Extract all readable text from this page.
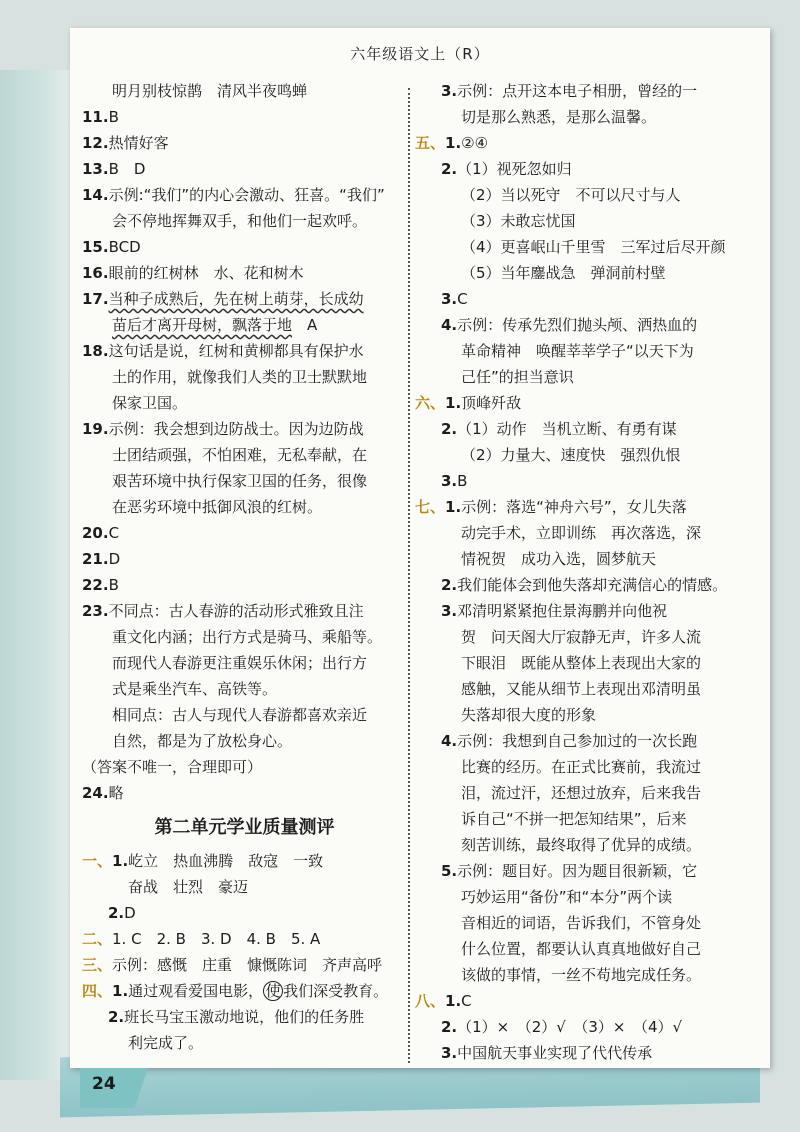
六年级语文上（R）
明月别枝惊鹊　清风半夜鸣蝉
11.B
12.热情好客
13.B　D
14.示例:“我们”的内心会激动、狂喜。“我们”
会不停地挥舞双手，和他们一起欢呼。
15.BCD
16.眼前的红树林　水、花和树木
17.当种子成熟后，先在树上萌芽，长成幼
苗后才离开母树，飘落于地　A
18.这句话是说，红树和黄柳都具有保护水
土的作用，就像我们人类的卫士默默地
保家卫国。
19.示例：我会想到边防战士。因为边防战
士团结顽强，不怕困难，无私奉献，在
艰苦环境中执行保家卫国的任务，很像
在恶劣环境中抵御风浪的红树。
20.C
21.D
22.B
23.不同点：古人春游的活动形式雅致且注
重文化内涵；出行方式是骑马、乘船等。
而现代人春游更注重娱乐休闲；出行方
式是乘坐汽车、高铁等。
相同点：古人与现代人春游都喜欢亲近
自然，都是为了放松身心。
（答案不唯一，合理即可）
24.略
第二单元学业质量测评
一、1.屹立　热血沸腾　敌寇　一致
奋战　壮烈　豪迈
2.D
二、1. C　2. B　3. D　4. B　5. A
三、示例：感慨　庄重　慷慨陈词　齐声高呼
四、1.通过观看爱国电影， 使 我们深受教育。
2.班长马宝玉激动地说，他们的任务胜
利完成了。
3.示例：点开这本电子相册，曾经的一
切是那么熟悉，是那么温馨。
五、1.②④
2.（1）视死忽如归
（2）当以死守　不可以尺寸与人
（3）未敢忘忧国
（4）更喜岷山千里雪　三军过后尽开颜
（5）当年鏖战急　弹洞前村壁
3.C
4.示例：传承先烈们抛头颅、洒热血的
革命精神　唤醒莘莘学子“以天下为
己任”的担当意识
六、1.顶峰歼敌
2.（1）动作　当机立断、有勇有谋
（2）力量大、速度快　强烈仇恨
3.B
七、1.示例：落选“神舟六号”，女儿失落
动完手术，立即训练　再次落选，深
情祝贺　成功入选，圆梦航天
2.我们能体会到他失落却充满信心的情感。
3.邓清明紧紧抱住景海鹏并向他祝
贺　问天阁大厅寂静无声，许多人流
下眼泪　既能从整体上表现出大家的
感触，又能从细节上表现出邓清明虽
失落却很大度的形象
4.示例：我想到自己参加过的一次长跑
比赛的经历。在正式比赛前，我流过
泪，流过汗，还想过放弃，后来我告
诉自己“不拼一把怎知结果”，后来
刻苦训练，最终取得了优异的成绩。
5.示例：题目好。因为题目很新颖，它
巧妙运用“备份”和“本分”两个读
音相近的词语，告诉我们，不管身处
什么位置，都要认认真真地做好自己
该做的事情，一丝不苟地完成任务。
八、1.C
2.（1）×　（2）√　（3）×　（4）√
3.中国航天事业实现了代代传承
24
